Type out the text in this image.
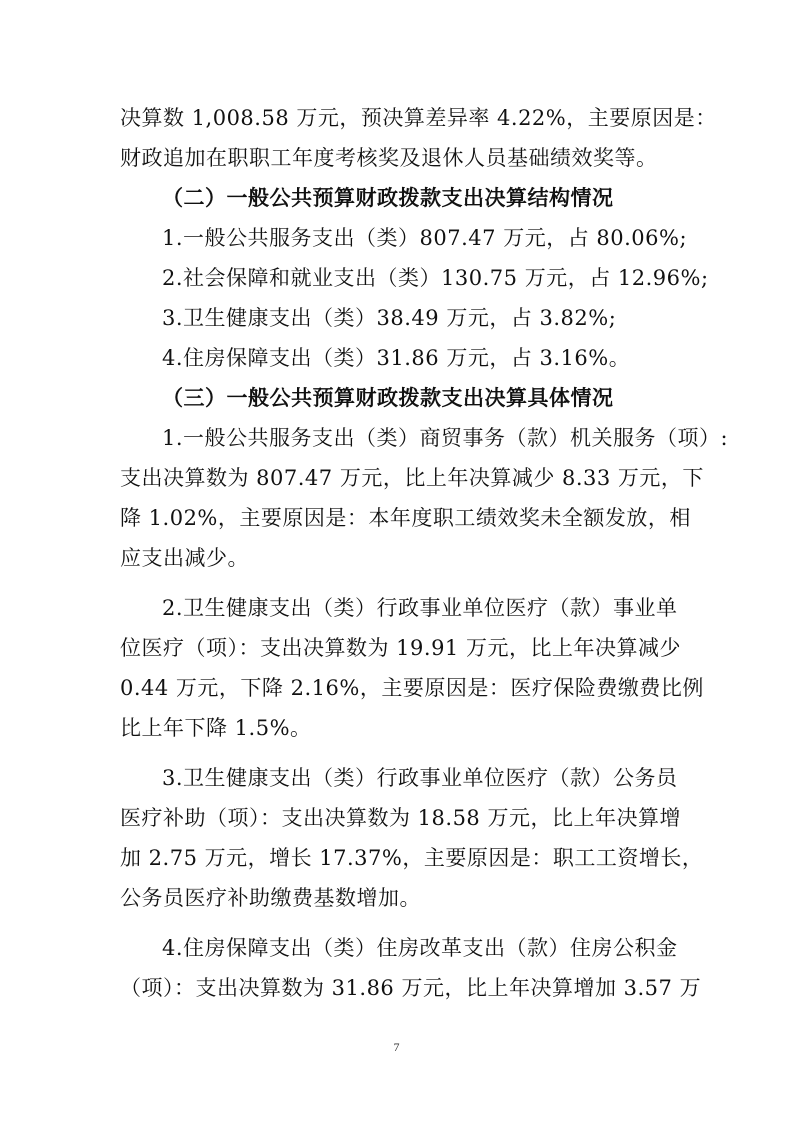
决算数 1,008.58 万元，预决算差异率 4.22%，主要原因是：
财政追加在职职工年度考核奖及退休人员基础绩效奖等。
（二）一般公共预算财政拨款支出决算结构情况
1.一般公共服务支出（类）807.47 万元，占 80.06%;
2.社会保障和就业支出（类）130.75 万元，占 12.96%;
3.卫生健康支出（类）38.49 万元，占 3.82%;
4.住房保障支出（类）31.86 万元，占 3.16%。
（三）一般公共预算财政拨款支出决算具体情况
1.一般公共服务支出（类）商贸事务（款）机关服务（项）:
支出决算数为 807.47 万元，比上年决算减少 8.33 万元，下
降 1.02%，主要原因是：本年度职工绩效奖未全额发放，相
应支出减少。
2.卫生健康支出（类）行政事业单位医疗（款）事业单
位医疗（项）：支出决算数为 19.91 万元，比上年决算减少
0.44 万元，下降 2.16%，主要原因是：医疗保险费缴费比例
比上年下降 1.5%。
3.卫生健康支出（类）行政事业单位医疗（款）公务员
医疗补助（项）：支出决算数为 18.58 万元，比上年决算增
加 2.75 万元，增长 17.37%，主要原因是：职工工资增长，
公务员医疗补助缴费基数增加。
4.住房保障支出（类）住房改革支出（款）住房公积金
（项）：支出决算数为 31.86 万元，比上年决算增加 3.57 万
7
